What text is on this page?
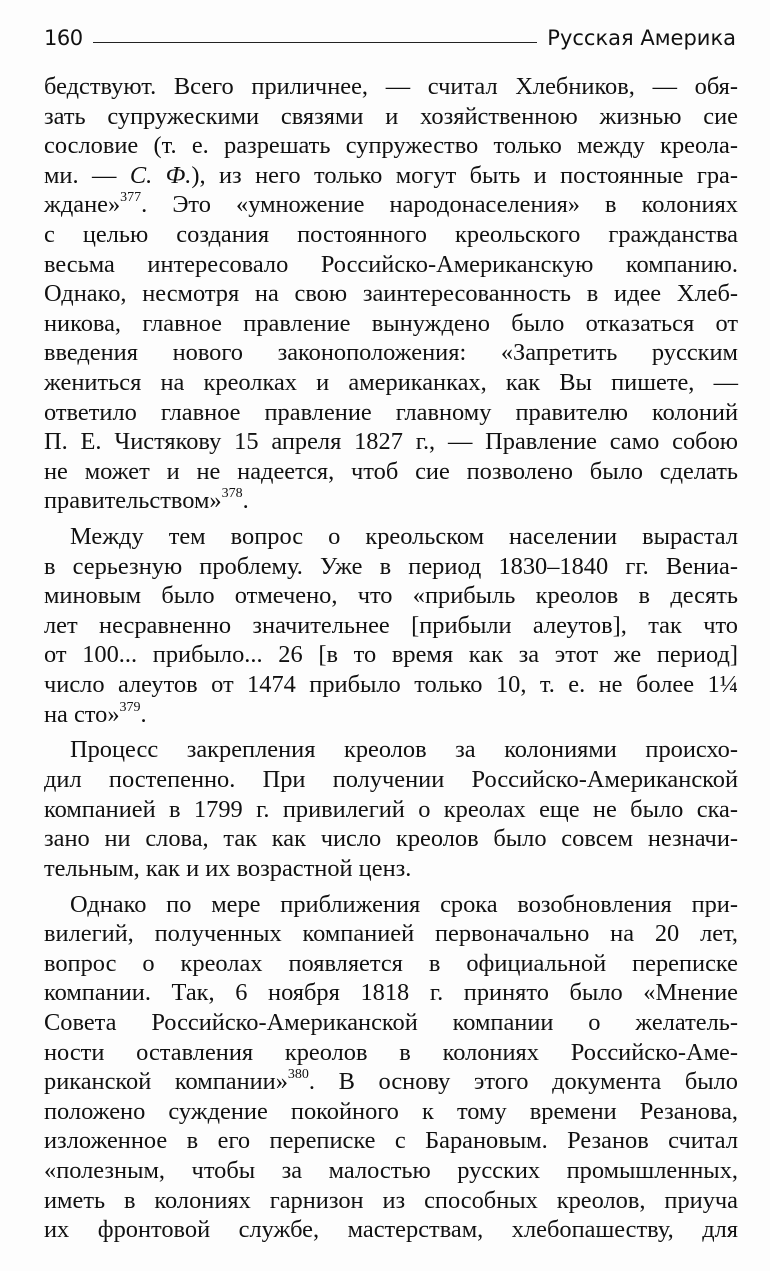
160	Русская Америка
бедствуют. Всего приличнее, — считал Хлебников, — обя-
зать супружескими связями и хозяйственною жизнью сие
сословие (т. е. разрешать супружество только между креола-
ми. — С. Ф.), из него только могут быть и постоянные гра-
ждане»$^{377}$. Это «умножение народонаселения» в колониях
с целью создания постоянного креольского гражданства
весьма интересовало Российско-Американскую компанию.
Однако, несмотря на свою заинтересованность в идее Хлеб-
никова, главное правление вынуждено было отказаться от
введения нового законоположения: «Запретить русским
жениться на креолках и американках, как Вы пишете, —
ответило главное правление главному правителю колоний
П. Е. Чистякову 15 апреля 1827 г., — Правление само собою
не может и не надеется, чтоб сие позволено было сделать
правительством»$^{378}$.
Между тем вопрос о креольском населении вырастал
в серьезную проблему. Уже в период 1830–1840 гг. Вениа-
миновым было отмечено, что «прибыль креолов в десять
лет несравненно значительнее [прибыли алеутов], так что
от 100... прибыло... 26 [в то время как за этот же период]
число алеутов от 1474 прибыло только 10, т. е. не более 1¼
на сто»$^{379}$.
Процесс закрепления креолов за колониями происхо-
дил постепенно. При получении Российско-Американской
компанией в 1799 г. привилегий о креолах еще не было ска-
зано ни слова, так как число креолов было совсем незначи-
тельным, как и их возрастной ценз.
Однако по мере приближения срока возобновления при-
вилегий, полученных компанией первоначально на 20 лет,
вопрос о креолах появляется в официальной переписке
компании. Так, 6 ноября 1818 г. принято было «Мнение
Совета Российско-Американской компании о желатель-
ности оставления креолов в колониях Российско-Аме-
риканской компании»$^{380}$. В основу этого документа было
положено суждение покойного к тому времени Резанова,
изложенное в его переписке с Барановым. Резанов считал
«полезным, чтобы за малостью русских промышленных,
иметь в колониях гарнизон из способных креолов, приуча
их фронтовой службе, мастерствам, хлебопашеству, для
